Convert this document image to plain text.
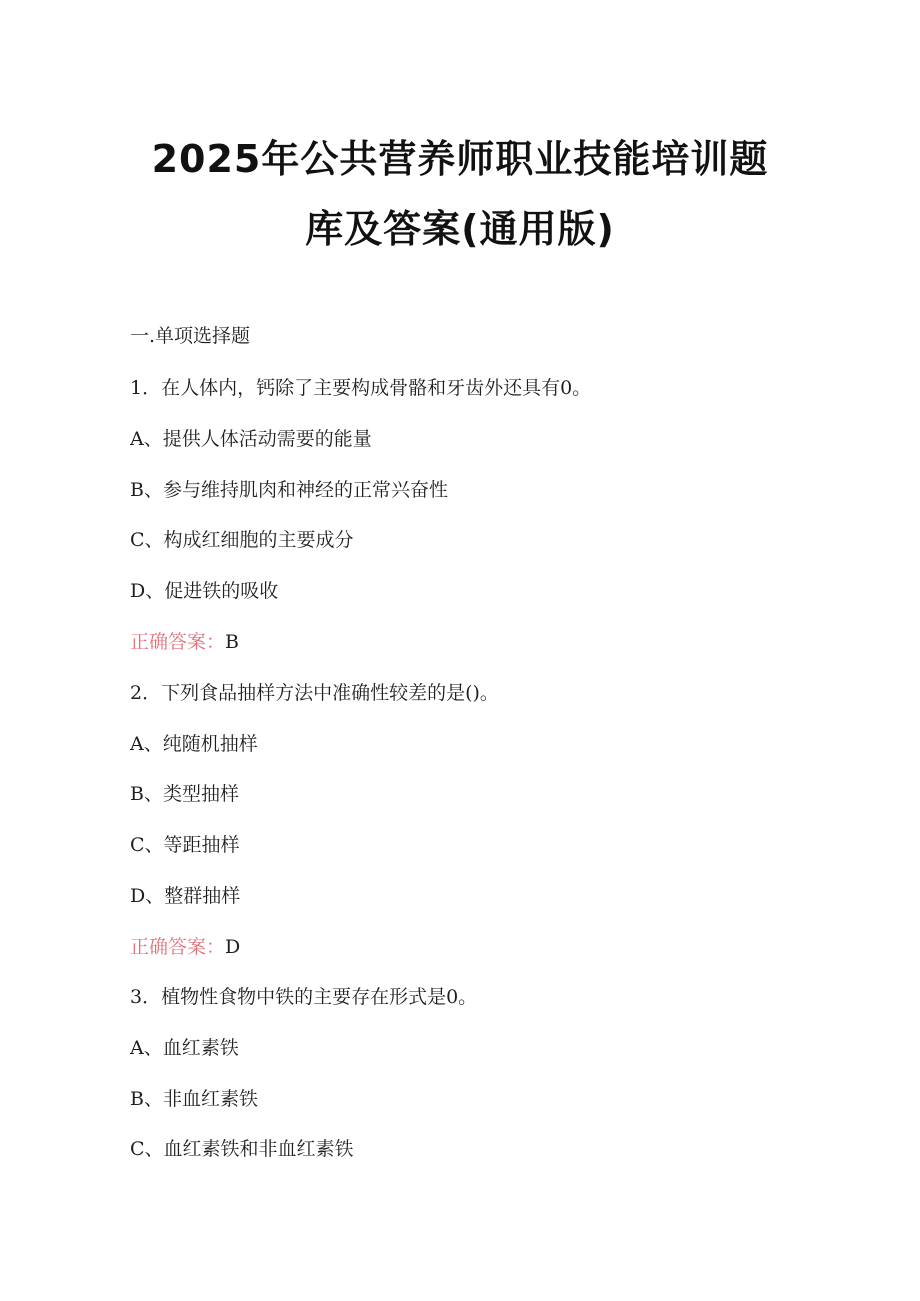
2025年公共营养师职业技能培训题
库及答案(通用版)
一.单项选择题
1．在人体内，钙除了主要构成骨骼和牙齿外还具有0。
A、提供人体活动需要的能量
B、参与维持肌肉和神经的正常兴奋性
C、构成红细胞的主要成分
D、促进铁的吸收
正确答案：B
2．下列食品抽样方法中准确性较差的是()。
A、纯随机抽样
B、类型抽样
C、等距抽样
D、整群抽样
正确答案：D
3．植物性食物中铁的主要存在形式是0。
A、血红素铁
B、非血红素铁
C、血红素铁和非血红素铁
